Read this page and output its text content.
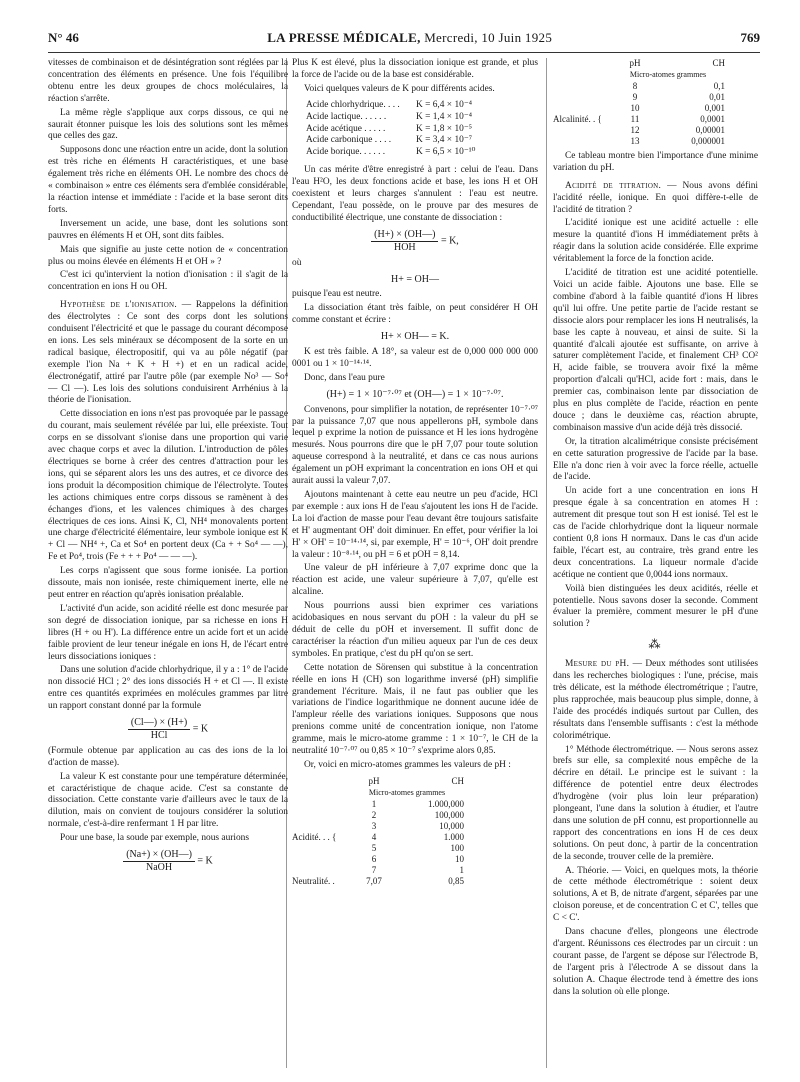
N° 46	LA PRESSE MÉDICALE, Mercredi, 10 Juin 1925	769

vitesses de combinaison et de désintégration sont réglées par la concentration des éléments en présence. Une fois l'équilibre obtenu entre les deux groupes de chocs moléculaires, la réaction s'arrête.

La même règle s'applique aux corps dissous, ce qui ne saurait étonner puisque les lois des solutions sont les mêmes que celles des gaz.

Supposons donc une réaction entre un acide, dont la solution est très riche en éléments H caractéristiques, et une base également très riche en éléments OH. Le nombre des chocs de « combinaison » entre ces éléments sera d'emblée considérable, la réaction intense et immédiate : l'acide et la base seront dits forts.

Inversement un acide, une base, dont les solutions sont pauvres en éléments H et OH, sont dits faibles.

Mais que signifie au juste cette notion de « concentration plus ou moins élevée en éléments H et OH » ?

C'est ici qu'intervient la notion d'ionisation : il s'agit de la concentration en ions H ou OH.

Hypothèse de l'ionisation. — Rappelons la définition des électrolytes : Ce sont des corps dont les solutions conduisent l'électricité et que le passage du courant décompose en ions. Les sels minéraux se décomposent de la sorte en un radical basique, électropositif, qui va au pôle négatif (par exemple l'ion Na + K + H +) et en un radical acide, électronégatif, attiré par l'autre pôle (par exemple No³ — So⁴ — Cl —). Les lois des solutions conduisirent Arrhénius à la théorie de l'ionisation.

Cette dissociation en ions n'est pas provoquée par le passage du courant, mais seulement révélée par lui, elle préexiste. Tout corps en se dissolvant s'ionise dans une proportion qui varie avec chaque corps et avec la dilution. L'introduction de pôles électriques se borne à créer des centres d'attraction pour les ions, qui se séparent alors les uns des autres, et ce divorce des ions produit la décomposition chimique de l'électrolyte. Toutes les actions chimiques entre corps dissous se ramènent à des échanges d'ions, et les valences chimiques à des charges électriques de ces ions. Ainsi K, Cl, NH⁴ monovalents portent une charge d'électricité élémentaire, leur symbole ionique est K + Cl — NH⁴ +, Ca et So⁴ en portent deux (Ca + + So⁴ — —), Fe et Po⁴, trois (Fe + + + Po⁴ — — —).

Les corps n'agissent que sous forme ionisée. La portion dissoute, mais non ionisée, reste chimiquement inerte, elle ne peut entrer en réaction qu'après ionisation préalable.

L'activité d'un acide, son acidité réelle est donc mesurée par son degré de dissociation ionique, par sa richesse en ions H libres (H + ou H'). La différence entre un acide fort et un acide faible provient de leur teneur inégale en ions H, de l'écart entre leurs dissociations ioniques :

Dans une solution d'acide chlorhydrique, il y a : 1° de l'acide non dissocié HCl ; 2° des ions dissociés H + et Cl —. Il existe entre ces quantités exprimées en molécules grammes par litre un rapport constant donné par la formule

$\frac{(Cl—) \times (H+)}{\text{HCl}} = K$

(Formule obtenue par application au cas des ions de la loi d'action de masse).

La valeur K est constante pour une température déterminée, et caractéristique de chaque acide. C'est sa constante de dissociation. Cette constante varie d'ailleurs avec le taux de la dilution, mais on convient de toujours considérer la solution normale, c'est-à-dire renfermant 1 H par litre.

Pour une base, la soude par exemple, nous aurions

$\frac{(Na+) \times (OH—)}{\text{NaOH}} = K$

Plus K est élevé, plus la dissociation ionique est grande, et plus la force de l'acide ou de la base est considérable.

Voici quelques valeurs de K pour différents acides.

Acide chlorhydrique. . . .	K = 6,4 × 10⁻⁴
Acide lactique. . . . . .	K = 1,4 × 10⁻⁴
Acide acétique . . . . .	K = 1,8 × 10⁻⁵
Acide carbonique . . . .	K = 3,4 × 10⁻⁷
Acide borique. . . . . .	K = 6,5 × 10⁻¹⁰

Un cas mérite d'être enregistré à part : celui de l'eau. Dans l'eau H²O, les deux fonctions acide et base, les ions H et OH coexistent et leurs charges s'annulent : l'eau est neutre. Cependant, l'eau possède, on le prouve par des mesures de conductibilité électrique, une constante de dissociation :

$\frac{(H+) \times (OH—)}{\text{HOH}} = K$,

où

H+ = OH—

puisque l'eau est neutre.

La dissociation étant très faible, on peut considérer H OH comme constant et écrire :

H+ × OH— = K.

K est très faible. A 18°, sa valeur est de 0,000 000 000 000 0001 ou 1 × 10⁻¹⁴·¹⁴.

Donc, dans l'eau pure

(H+) = 1 × 10⁻⁷·⁰⁷ et (OH—) = 1 × 10⁻⁷·⁰⁷.

Convenons, pour simplifier la notation, de représenter 10⁻⁷·⁰⁷ par la puissance 7,07 que nous appellerons pH, symbole dans lequel p exprime la notion de puissance et H les ions hydrogène mesurés. Nous pourrons dire que le pH 7,07 pour toute solution aqueuse correspond à la neutralité, et dans ce cas nous aurions également un pOH exprimant la concentration en ions OH et qui aurait aussi la valeur 7,07.

Ajoutons maintenant à cette eau neutre un peu d'acide, HCl par exemple : aux ions H de l'eau s'ajoutent les ions H de l'acide. La loi d'action de masse pour l'eau devant être toujours satisfaite et H' augmentant OH' doit diminuer. En effet, pour vérifier la loi H' × OH' = 10⁻¹⁴·¹⁴, si, par exemple, H' = 10⁻⁶, OH' doit prendre la valeur : 10⁻⁸·¹⁴, ou pH = 6 et pOH = 8,14.

Une valeur de pH inférieure à 7,07 exprime donc que la réaction est acide, une valeur supérieure à 7,07, qu'elle est alcaline.

Nous pourrions aussi bien exprimer ces variations acidobasiques en nous servant du pOH : la valeur du pH se déduit de celle du pOH et inversement. Il suffit donc de caractériser la réaction d'un milieu aqueux par l'un de ces deux symboles. En pratique, c'est du pH qu'on se sert.

Cette notation de Sörensen qui substitue à la concentration réelle en ions H (CH) son logarithme inversé (pH) simplifie grandement l'écriture. Mais, il ne faut pas oublier que les variations de l'indice logarithmique ne donnent aucune idée de l'ampleur réelle des variations ioniques. Supposons que nous prenions comme unité de concentration ionique, non l'atome gramme, mais le micro-atome gramme : 1 × 10⁻⁷, le CH de la neutralité 10⁻⁷·⁰⁷ ou 0,85 × 10⁻⁷ s'exprime alors 0,85.

Or, voici en micro-atomes grammes les valeurs de pH :

pH	CH
Micro-atomes grammes
1	1.000,000
2	100,000
3	10,000
Acidité. . . {	4	1.000
5	100
6	10
7	1
Neutralité. .	7,07	0,85
pH	CH
Micro-atomes grammes
8	0,1
9	0,01
10	0,001
Alcalinité. . {	11	0,0001
12	0,00001
13	0,000001

Ce tableau montre bien l'importance d'une minime variation du pH.

Acidité de titration. — Nous avons défini l'acidité réelle, ionique. En quoi diffère-t-elle de l'acidité de titration ?

L'acidité ionique est une acidité actuelle : elle mesure la quantité d'ions H immédiatement prêts à réagir dans la solution acide considérée. Elle exprime véritablement la force de la fonction acide.

L'acidité de titration est une acidité potentielle. Voici un acide faible. Ajoutons une base. Elle se combine d'abord à la faible quantité d'ions H libres qu'il lui offre. Une petite partie de l'acide restant se dissocie alors pour remplacer les ions H neutralisés, la base les capte à nouveau, et ainsi de suite. Si la quantité d'alcali ajoutée est suffisante, on arrive à saturer complètement l'acide, et finalement CH³ CO² H, acide faible, se trouvera avoir fixé la même proportion d'alcali qu'HCl, acide fort : mais, dans le premier cas, combinaison lente par dissociation de plus en plus complète de l'acide, réaction en pente douce ; dans le deuxième cas, réaction abrupte, combinaison massive d'un acide déjà très dissocié.

Or, la titration alcalimétrique consiste précisément en cette saturation progressive de l'acide par la base. Elle n'a donc rien à voir avec la force réelle, actuelle de l'acide.

Un acide fort a une concentration en ions H presque égale à sa concentration en atomes H : autrement dit presque tout son H est ionisé. Tel est le cas de l'acide chlorhydrique dont la liqueur normale contient 0,8 ions H normaux. Dans le cas d'un acide faible, l'écart est, au contraire, très grand entre les deux concentrations. La liqueur normale d'acide acétique ne contient que 0,0044 ions normaux.

Voilà bien distinguées les deux acidités, réelle et potentielle. Nous savons doser la seconde. Comment évaluer la première, comment mesurer le pH d'une solution ?

⁂

Mesure du pH. — Deux méthodes sont utilisées dans les recherches biologiques : l'une, précise, mais très délicate, est la méthode électrométrique ; l'autre, plus rapprochée, mais beaucoup plus simple, donne, à l'aide des procédés indiqués surtout par Cullen, des résultats dans l'ensemble suffisants : c'est la méthode colorimétrique.

1° Méthode électrométrique. — Nous serons assez brefs sur elle, sa complexité nous empêche de la décrire en détail. Le principe est le suivant : la différence de potentiel entre deux électrodes d'hydrogène (voir plus loin leur préparation) plongeant, l'une dans la solution à étudier, et l'autre dans une solution de pH connu, est proportionnelle au rapport des concentrations en ions H de ces deux solutions. On peut donc, à partir de la concentration de la seconde, trouver celle de la première.

A. Théorie. — Voici, en quelques mots, la théorie de cette méthode électrométrique : soient deux solutions, A et B, de nitrate d'argent, séparées par une cloison poreuse, et de concentration C et C', telles que C < C'.

Dans chacune d'elles, plongeons une électrode d'argent. Réunissons ces électrodes par un circuit : un courant passe, de l'argent se dépose sur l'électrode B, de l'argent pris à l'électrode A se dissout dans la solution A. Chaque électrode tend à émettre des ions dans la solution où elle plonge.
